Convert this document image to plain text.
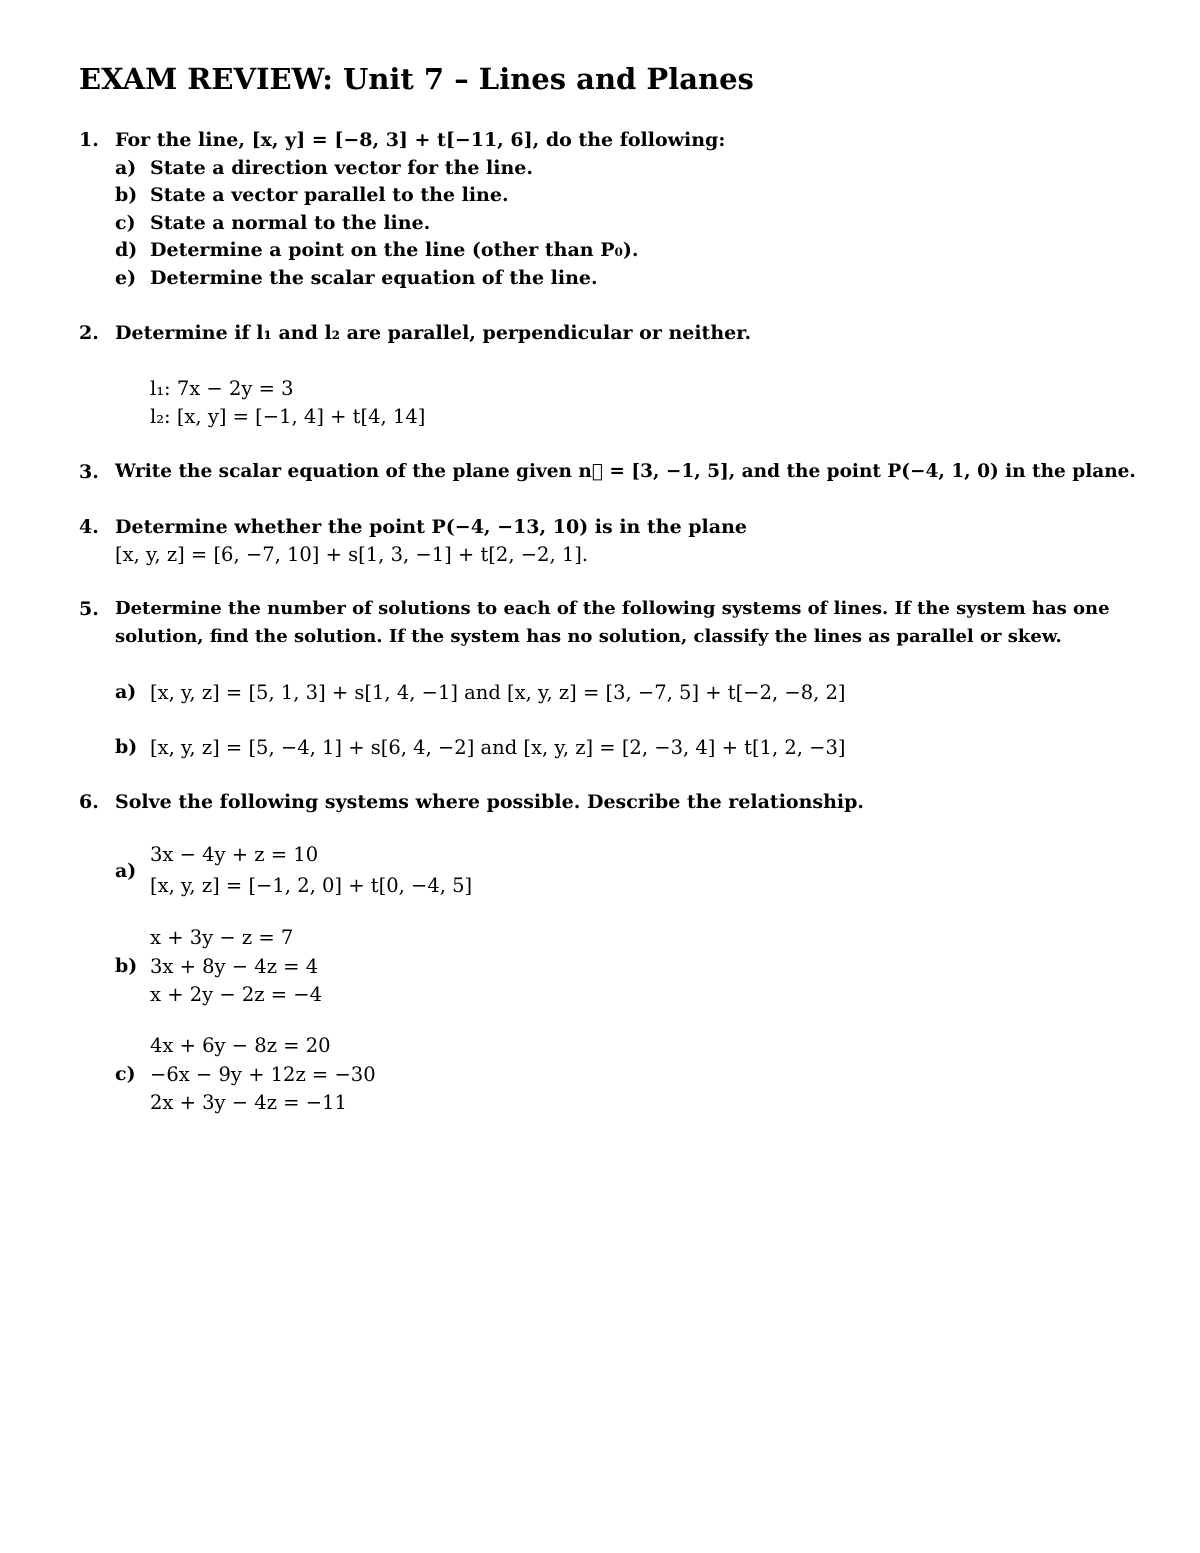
EXAM REVIEW: Unit 7 – Lines and Planes
1. For the line, [x, y] = [−8, 3] + t[−11, 6], do the following:
a) State a direction vector for the line.
b) State a vector parallel to the line.
c) State a normal to the line.
d) Determine a point on the line (other than P₀).
e) Determine the scalar equation of the line.
2. Determine if l₁ and l₂ are parallel, perpendicular or neither.
l₁: 7x − 2y = 3
l₂: [x, y] = [−1, 4] + t[4, 14]
3. Write the scalar equation of the plane given n⃗ = [3, −1, 5], and the point P(−4, 1, 0) in the plane.
4. Determine whether the point P(−4, −13, 10) is in the plane
[x, y, z] = [6, −7, 10] + s[1, 3, −1] + t[2, −2, 1].
5. Determine the number of solutions to each of the following systems of lines. If the system has one
solution, find the solution. If the system has no solution, classify the lines as parallel or skew.
a) [x, y, z] = [5, 1, 3] + s[1, 4, −1] and [x, y, z] = [3, −7, 5] + t[−2, −8, 2]
b) [x, y, z] = [5, −4, 1] + s[6, 4, −2] and [x, y, z] = [2, −3, 4] + t[1, 2, −3]
6. Solve the following systems where possible. Describe the relationship.
a)
3x − 4y + z = 10
[x, y, z] = [−1, 2, 0] + t[0, −4, 5]
x + 3y − z = 7
b) 3x + 8y − 4z = 4
x + 2y − 2z = −4
4x + 6y − 8z = 20
c) −6x − 9y + 12z = −30
2x + 3y − 4z = −11
